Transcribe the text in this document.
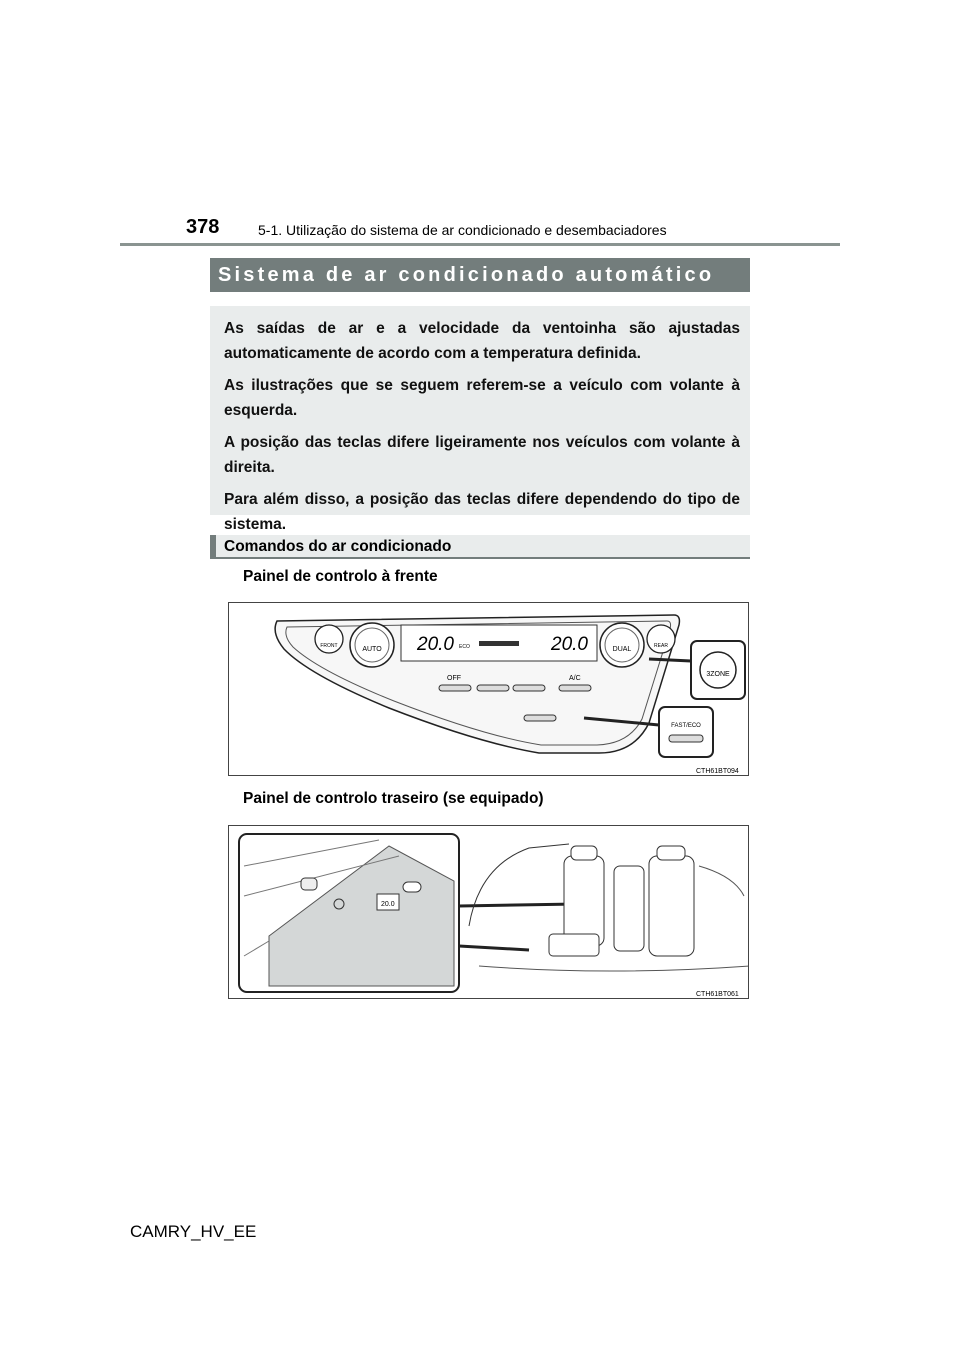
378	5-1. Utilização do sistema de ar condicionado e desembaciadores
Sistema de ar condicionado automático

As saídas de ar e a velocidade da ventoinha são ajustadas automaticamente de acordo com a temperatura definida.

As ilustrações que se seguem referem-se a veículo com volante à esquerda.

A posição das teclas difere ligeiramente nos veículos com volante à direita.

Para além disso, a posição das teclas difere dependendo do tipo de sistema.

Comandos do ar condicionado
Painel de controlo à frente
FRONT	AUTO 20.0 ECO	20.0	DUAL	REAR
OFF	A/C
3ZONE
FAST/ECO
CTH61BT094
Painel de controlo traseiro (se equipado)
20.0
CTH61BT061
CAMRY_HV_EE
